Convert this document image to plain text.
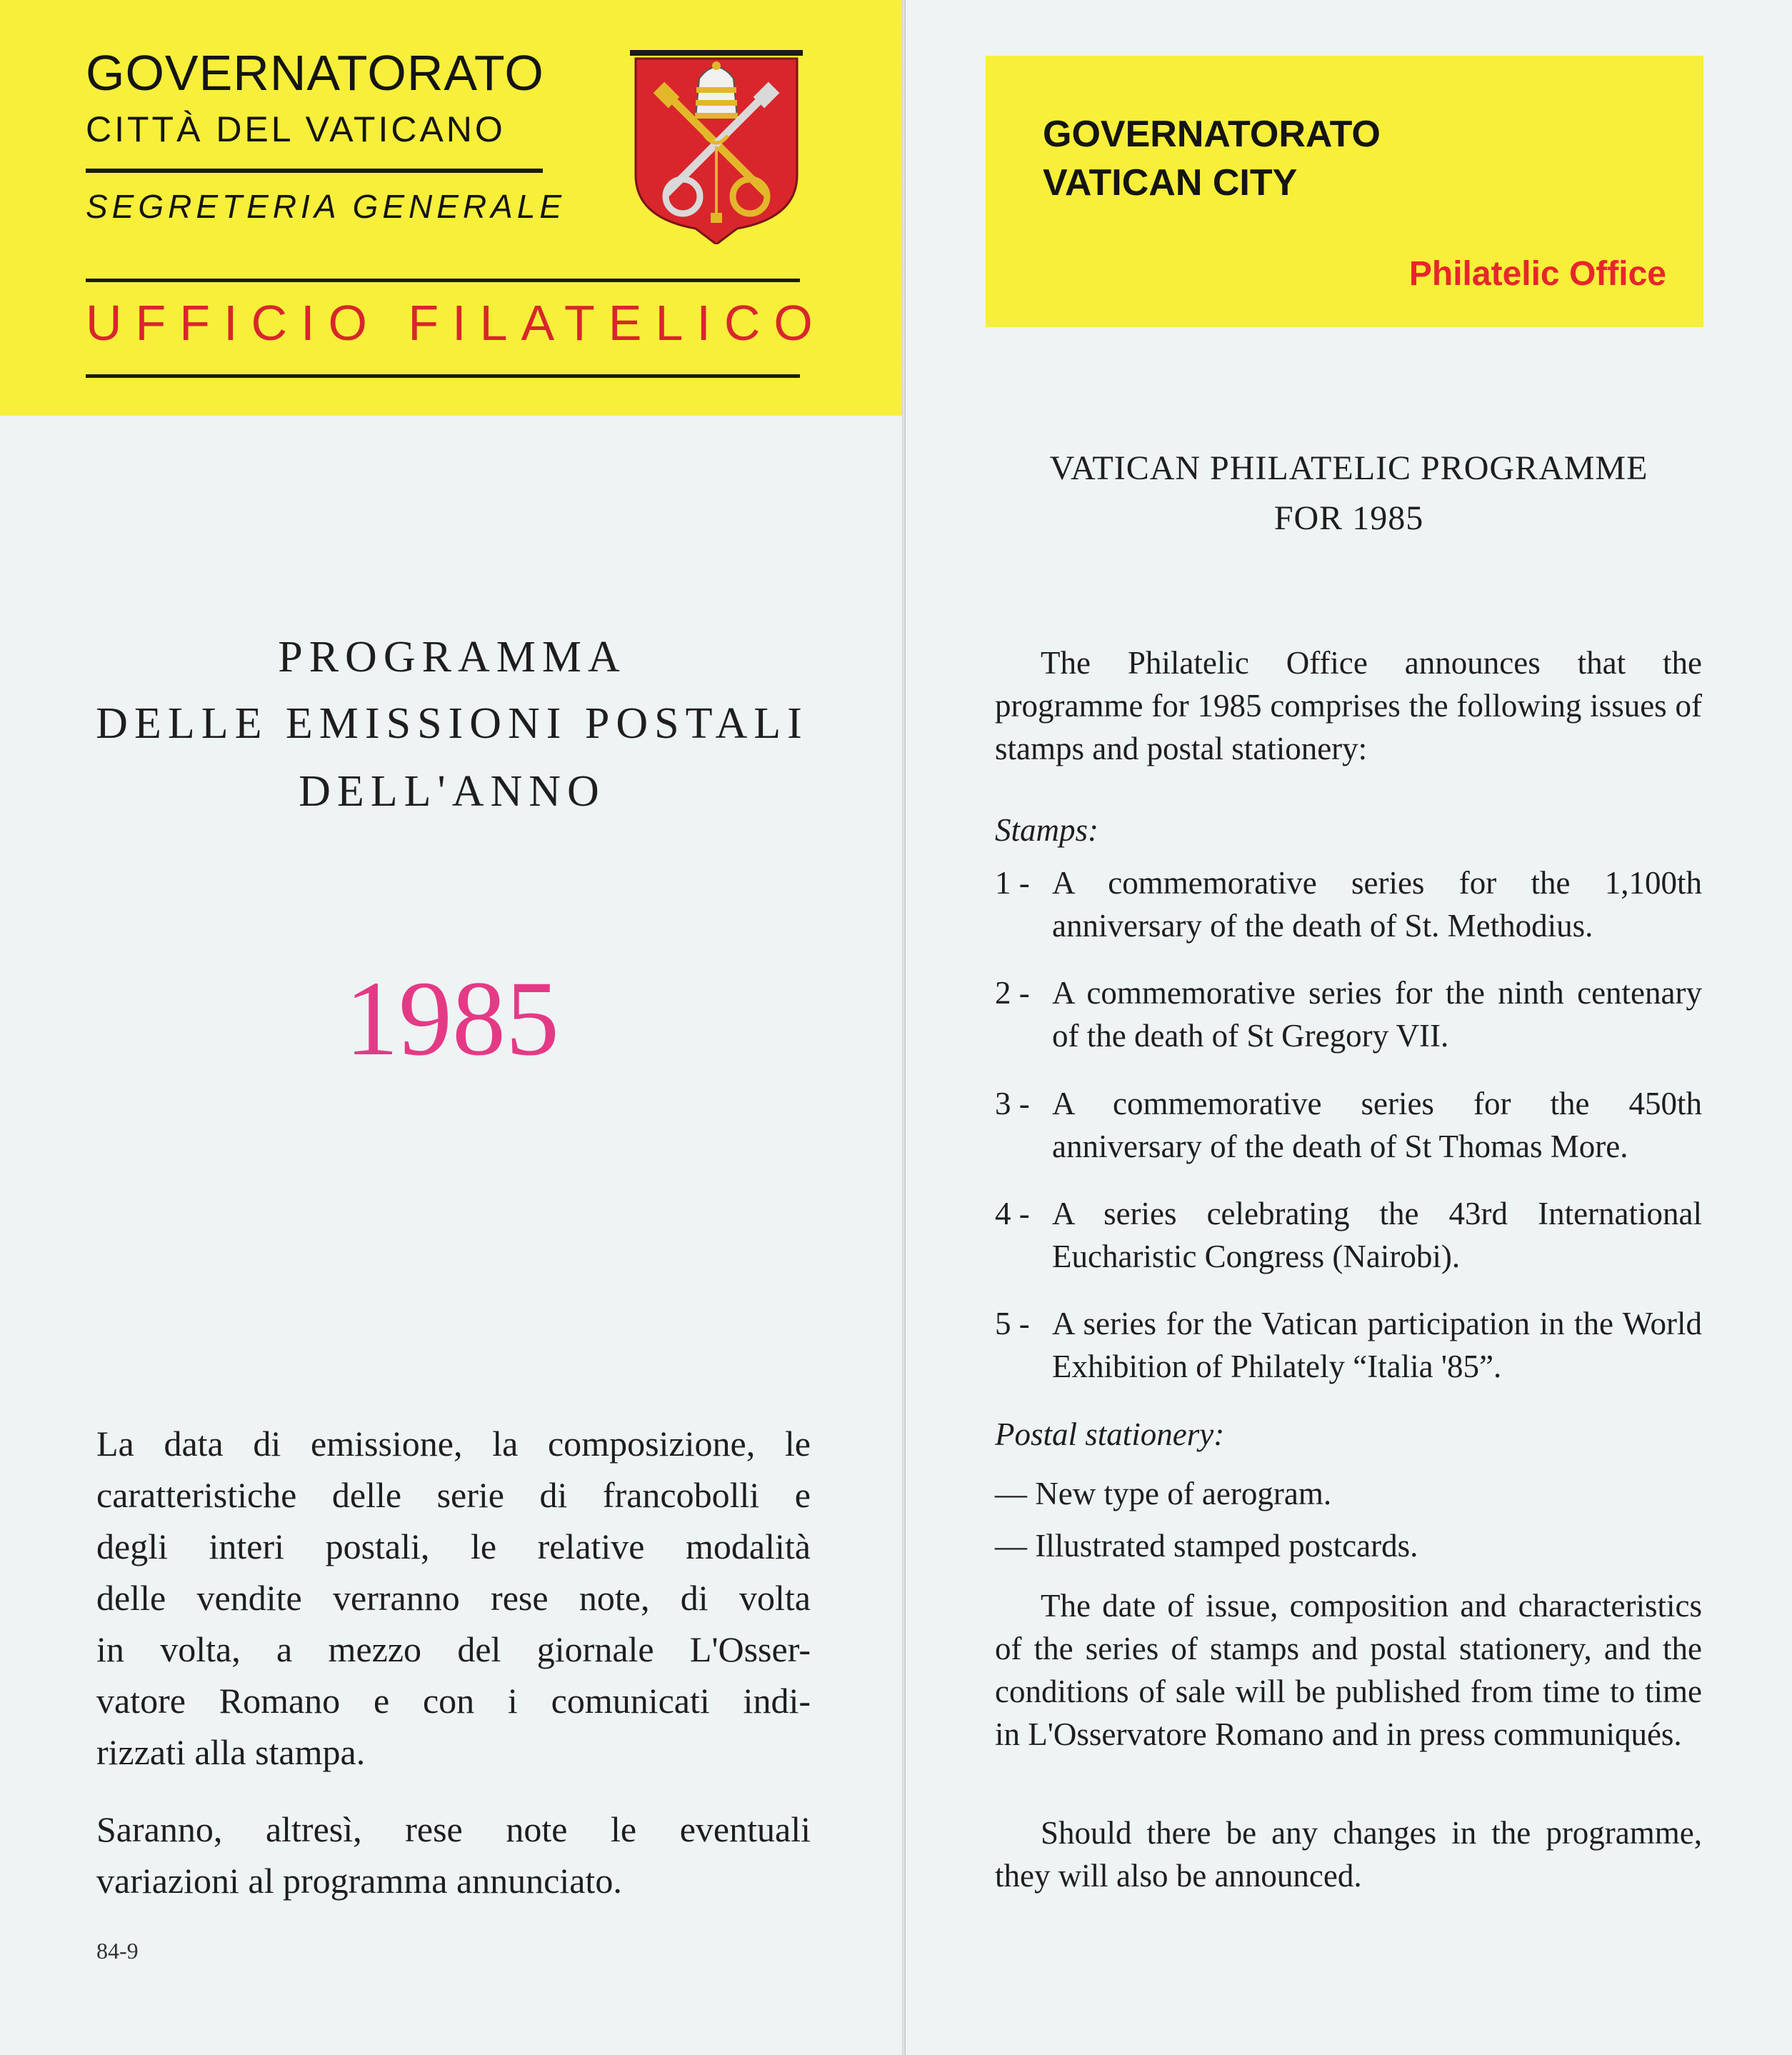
GOVERNATORATO
CITTÀ DEL VATICANO
SEGRETERIA GENERALE
UFFICIO FILATELICO
PROGRAMMA
DELLE EMISSIONI POSTALI
DELL'ANNO
1985
La data di emissione, la composizione, le
caratteristiche delle serie di francobolli e
degli interi postali, le relative modalità
delle vendite verranno rese note, di volta
in volta, a mezzo del giornale L'Osser-
vatore Romano e con i comunicati indi-
rizzati alla stampa.
Saranno, altresì, rese note le eventuali
variazioni al programma annunciato.
84-9
GOVERNATORATO
VATICAN CITY
Philatelic Office
VATICAN PHILATELIC PROGRAMME
FOR 1985
The Philatelic Office announces that the programme for 1985 comprises the following issues of stamps and postal stationery:
Stamps:
1 - A commemorative series for the 1,100th anniversary of the death of St. Methodius.
2 - A commemorative series for the ninth centenary of the death of St Gregory VII.
3 - A commemorative series for the 450th anniversary of the death of St Thomas More.
4 - A series celebrating the 43rd International Eucharistic Congress (Nairobi).
5 - A series for the Vatican participation in the World Exhibition of Philately “Italia '85”.
Postal stationery:
— New type of aerogram.
— Illustrated stamped postcards.
The date of issue, composition and characteristics of the series of stamps and postal stationery, and the conditions of sale will be published from time to time in L'Osservatore Romano and in press communiqués.
Should there be any changes in the programme, they will also be announced.
